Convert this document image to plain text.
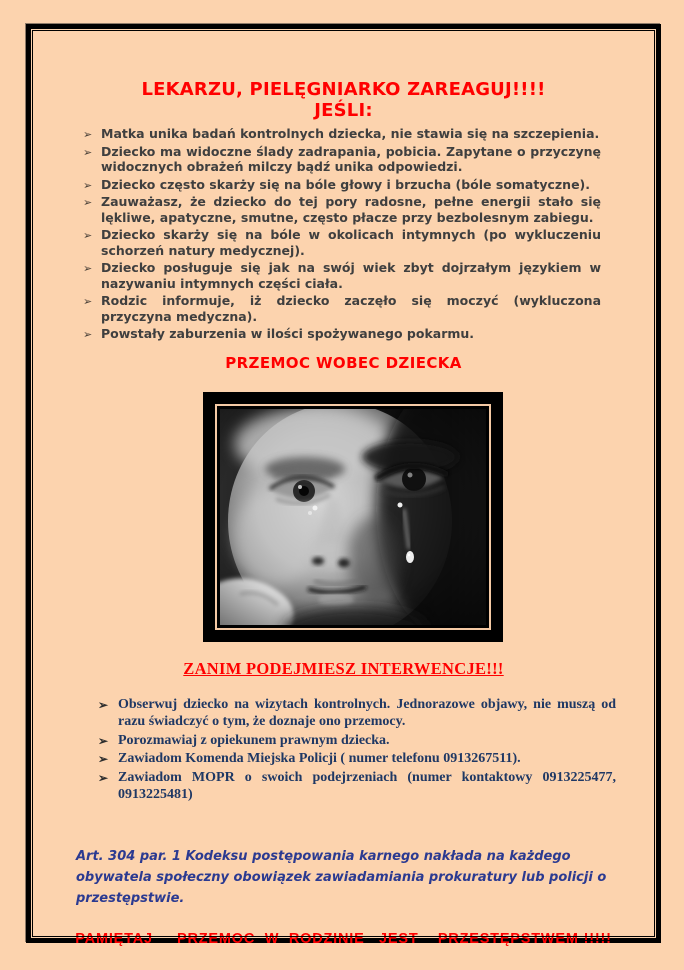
LEKARZU, PIELĘGNIARKO ZAREAGUJ!!!!
JEŚLI:
➢ Matka unika badań kontrolnych dziecka, nie stawia się na szczepienia.
➢ Dziecko ma widoczne ślady zadrapania, pobicia. Zapytane o przyczynę widocznych obrażeń milczy bądź unika odpowiedzi.
➢ Dziecko często skarży się na bóle głowy i brzucha (bóle somatyczne).
➢ Zauważasz, że dziecko do tej pory radosne, pełne energii stało się lękliwe, apatyczne, smutne, często płacze przy bezbolesnym zabiegu.
➢ Dziecko skarży się na bóle w okolicach intymnych (po wykluczeniu schorzeń natury medycznej).
➢ Dziecko posługuje się jak na swój wiek zbyt dojrzałym językiem w nazywaniu intymnych części ciała.
➢ Rodzic informuje, iż dziecko zaczęło się moczyć (wykluczona przyczyna medyczna).
➢ Powstały zaburzenia w ilości spożywanego pokarmu.
PRZEMOC WOBEC DZIECKA
ZANIM PODEJMIESZ INTERWENCJE!!!
➢ Obserwuj dziecko na wizytach kontrolnych. Jednorazowe objawy, nie muszą od razu świadczyć o tym, że doznaje ono przemocy.
➢ Porozmawiaj z opiekunem prawnym dziecka.
➢ Zawiadom Komenda Miejska Policji ( numer telefonu 0913267511).
➢ Zawiadom MOPR o swoich podejrzeniach (numer kontaktowy 0913225477, 0913225481)

Art. 304 par. 1 Kodeksu postępowania karnego nakłada na każdego obywatela społeczny obowiązek zawiadamiania prokuratury lub policji o przestępstwie.

PAMIĘTAJ     PRZEMOC  W  RODZINIE   JEST    PRZESTĘPSTWEM !!!!!
